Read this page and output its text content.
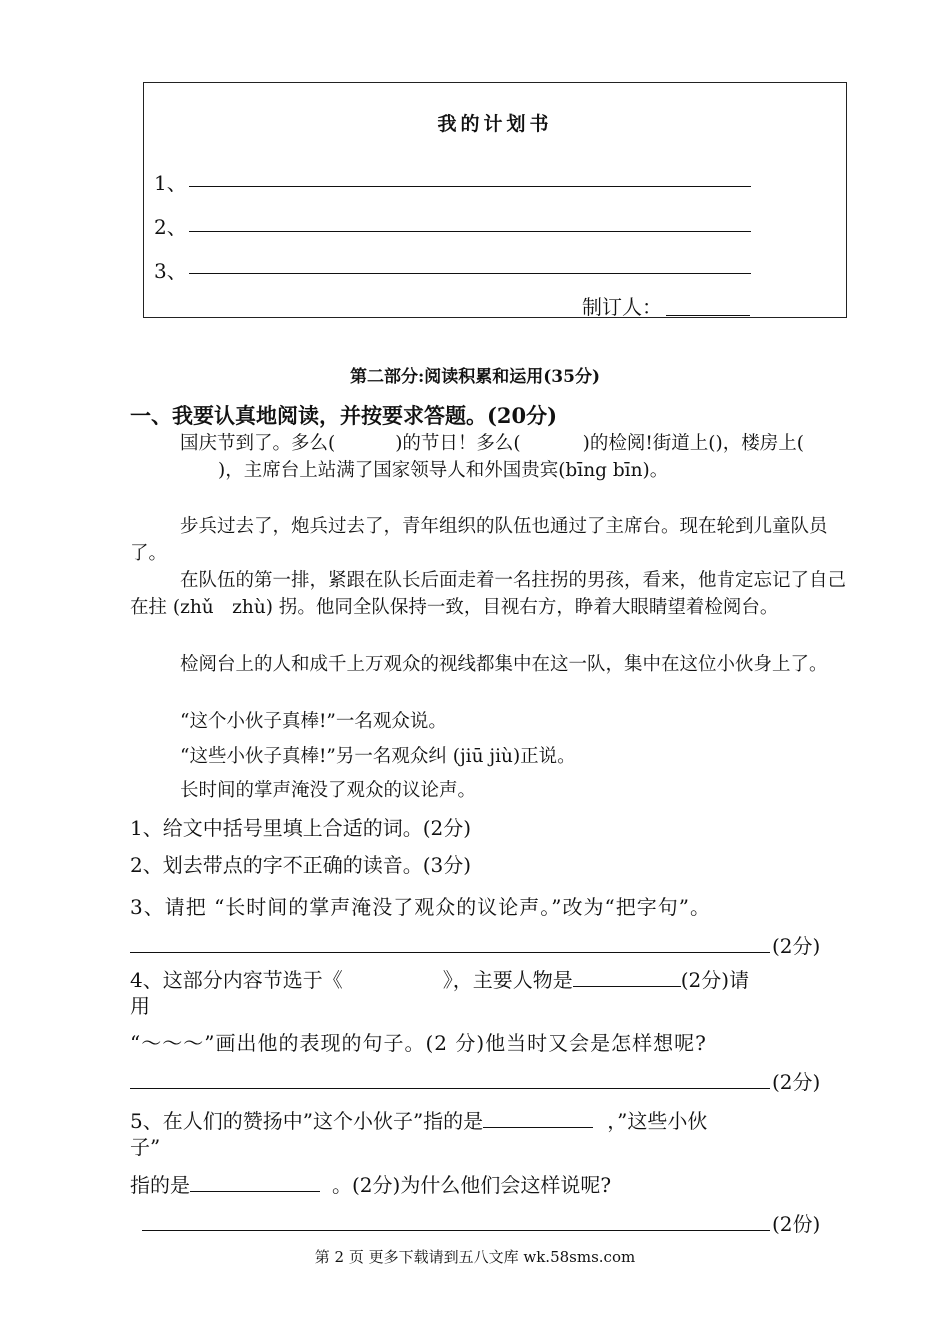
我的计划书
1、
2、
3、
制订人：
第二部分:阅读积累和运用(35分)
一、我要认真地阅读，并按要求答题。(20分)
国庆节到了。多么(	)的节日！多么(	)的检阅!街道上()，楼房上()，主席台上站满了国家领导人和外国贵宾(bīng bīn)。
步兵过去了，炮兵过去了，青年组织的队伍也通过了主席台。现在轮到儿童队员了。
在队伍的第一排，紧跟在队长后面走着一名拄拐的男孩，看来，他肯定忘记了自己在拄 (zhǔ　zhù) 拐。他同全队保持一致，目视右方，睁着大眼睛望着检阅台。
检阅台上的人和成千上万观众的视线都集中在这一队，集中在这位小伙身上了。
“这个小伙子真棒!”一名观众说。
“这些小伙子真棒!”另一名观众纠 (jiū jiù)正说。
长时间的掌声淹没了观众的议论声。
1、给文中括号里填上合适的词。(2分)
2、划去带点的字不正确的读音。(3分)
3、请把 “长时间的掌声淹没了观众的议论声。”改为“把字句”。
(2分)
4、这部分内容节选于《	》，主要人物是	(2分)请
用
“～～～”画出他的表现的句子。(2 分)他当时又会是怎样想呢?
(2分)
5、在人们的赞扬中”这个小伙子”指的是	，”这些小伙
子”
指的是	。(2分)为什么他们会这样说呢?
(2份)
第 2 页 更多下载请到五八文库 wk.58sms.com
